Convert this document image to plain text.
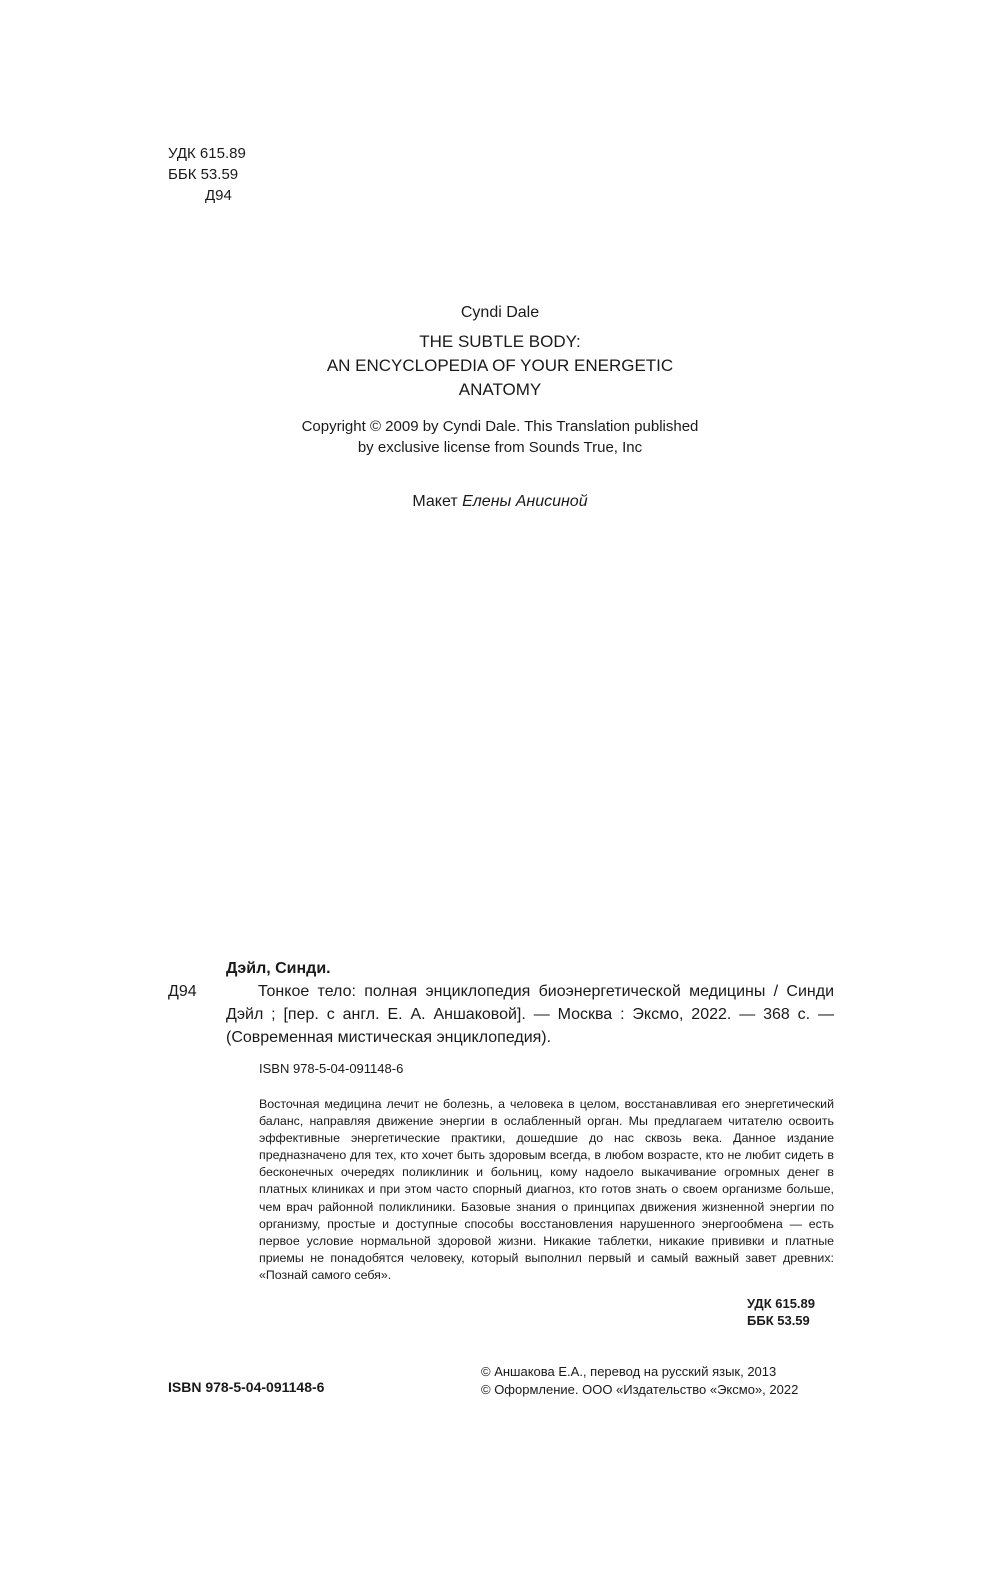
УДК 615.89
ББК 53.59
Д94
Cyndi Dale
THE SUBTLE BODY:
AN ENCYCLOPEDIA OF YOUR ENERGETIC
ANATOMY
Copyright © 2009 by Cyndi Dale. This Translation published
by exclusive license from Sounds True, Inc
Макет Елены Анисиной
Дэйл, Синди.
Д94	Тонкое тело: полная энциклопедия биоэнергетической медицины / Синди Дэйл ; [пер. с англ. Е. А. Аншаковой]. — Москва : Эксмо, 2022. — 368 с. — (Современная мистическая энциклопедия).
ISBN 978-5-04-091148-6
Восточная медицина лечит не болезнь, а человека в целом, восстанавливая его энергетический баланс, направляя движение энергии в ослабленный орган. Мы предлагаем читателю освоить эффективные энергетические практики, дошедшие до нас сквозь века. Данное издание предназначено для тех, кто хочет быть здоровым всегда, в любом возрасте, кто не любит сидеть в бесконечных очередях поликлиник и больниц, кому надоело выкачивание огромных денег в платных клиниках и при этом часто спорный диагноз, кто готов знать о своем организме больше, чем врач районной поликлиники. Базовые знания о принципах движения жизненной энергии по организму, простые и доступные способы восстановления нарушенного энергообмена — есть первое условие нормальной здоровой жизни. Никакие таблетки, никакие прививки и платные приемы не понадобятся человеку, который выполнил первый и самый важный завет древних: «Познай самого себя».
УДК 615.89
ББК 53.59
ISBN 978-5-04-091148-6
© Аншакова Е.А., перевод на русский язык, 2013
© Оформление. ООО «Издательство «Эксмо», 2022
